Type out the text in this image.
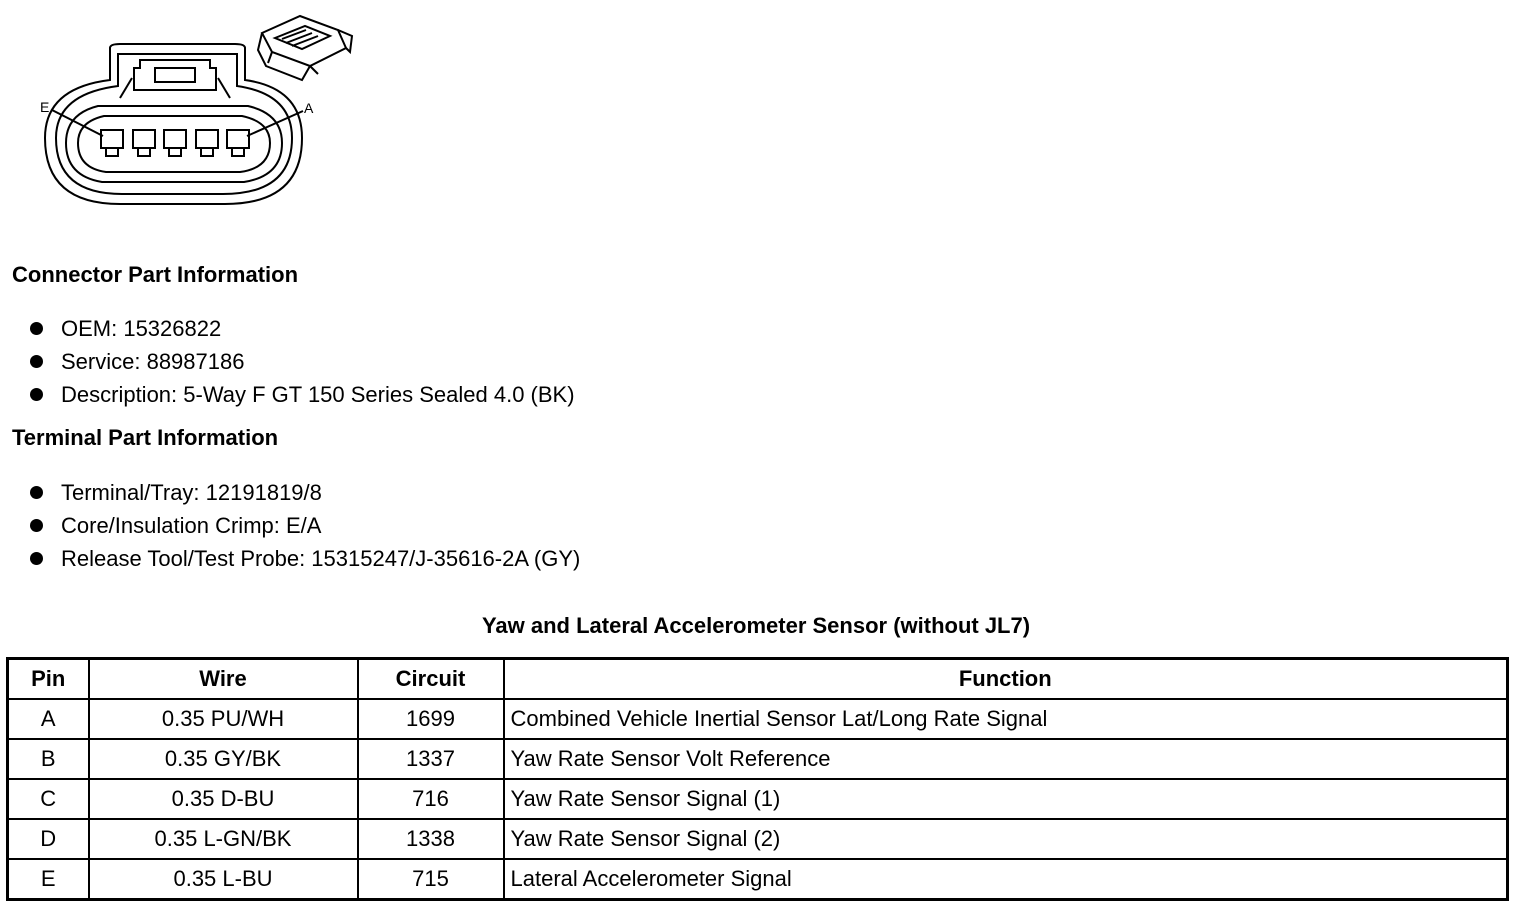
E	A
Connector Part Information
OEM: 15326822
Service: 88987186
Description: 5-Way F GT 150 Series Sealed 4.0 (BK)
Terminal Part Information
Terminal/Tray: 12191819/8
Core/Insulation Crimp: E/A
Release Tool/Test Probe: 15315247/J-35616-2A (GY)
Yaw and Lateral Accelerometer Sensor (without JL7)
Pin	Wire	Circuit	Function
A	0.35 PU/WH	1699	Combined Vehicle Inertial Sensor Lat/Long Rate Signal
B	0.35 GY/BK	1337	Yaw Rate Sensor Volt Reference
C	0.35 D-BU	716	Yaw Rate Sensor Signal (1)
D	0.35 L-GN/BK	1338	Yaw Rate Sensor Signal (2)
E	0.35 L-BU	715	Lateral Accelerometer Signal
